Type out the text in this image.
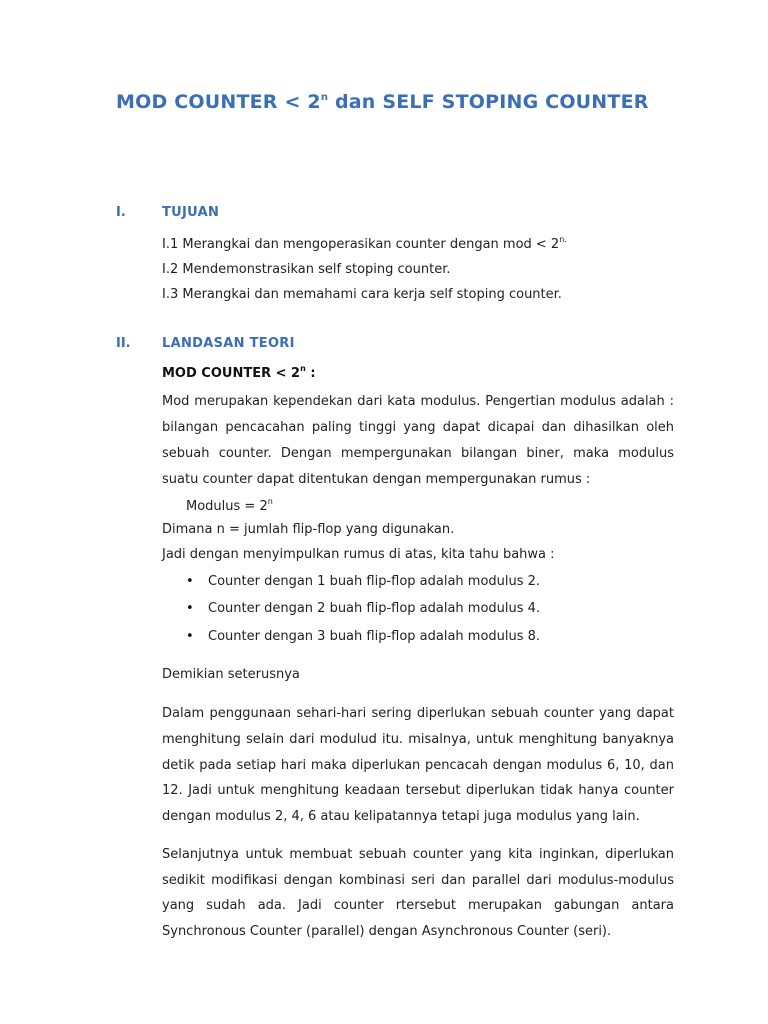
MOD COUNTER < $2^n$ dan SELF STOPING COUNTER
I.	TUJUAN
I.1 Merangkai dan mengoperasikan counter dengan mod < $2^{n.}$
I.2 Mendemonstrasikan self stoping counter.
I.3 Merangkai dan memahami cara kerja self stoping counter.
II. LANDASAN TEORI
MOD COUNTER < $2^n$ :
Mod merupakan kependekan dari kata modulus. Pengertian modulus adalah :
bilangan pencacahan paling tinggi yang dapat dicapai dan dihasilkan oleh
sebuah counter. Dengan mempergunakan bilangan biner, maka modulus
suatu counter dapat ditentukan dengan mempergunakan rumus :
Modulus = $2^n$
Dimana n = jumlah flip-flop yang digunakan.
Jadi dengan menyimpulkan rumus di atas, kita tahu bahwa :
• Counter dengan 1 buah flip-flop adalah modulus 2.
• Counter dengan 2 buah flip-flop adalah modulus 4.
• Counter dengan 3 buah flip-flop adalah modulus 8.
Demikian seterusnya
Dalam penggunaan sehari-hari sering diperlukan sebuah counter yang dapat
menghitung selain dari modulud itu. misalnya, untuk menghitung banyaknya
detik pada setiap hari maka diperlukan pencacah dengan modulus 6, 10, dan
12. Jadi untuk menghitung keadaan tersebut diperlukan tidak hanya counter
dengan modulus 2, 4, 6 atau kelipatannya tetapi juga modulus yang lain.
Selanjutnya untuk membuat sebuah counter yang kita inginkan, diperlukan
sedikit modifikasi dengan kombinasi seri dan parallel dari modulus-modulus
yang sudah ada. Jadi counter rtersebut merupakan gabungan antara
Synchronous Counter (parallel) dengan Asynchronous Counter (seri).
